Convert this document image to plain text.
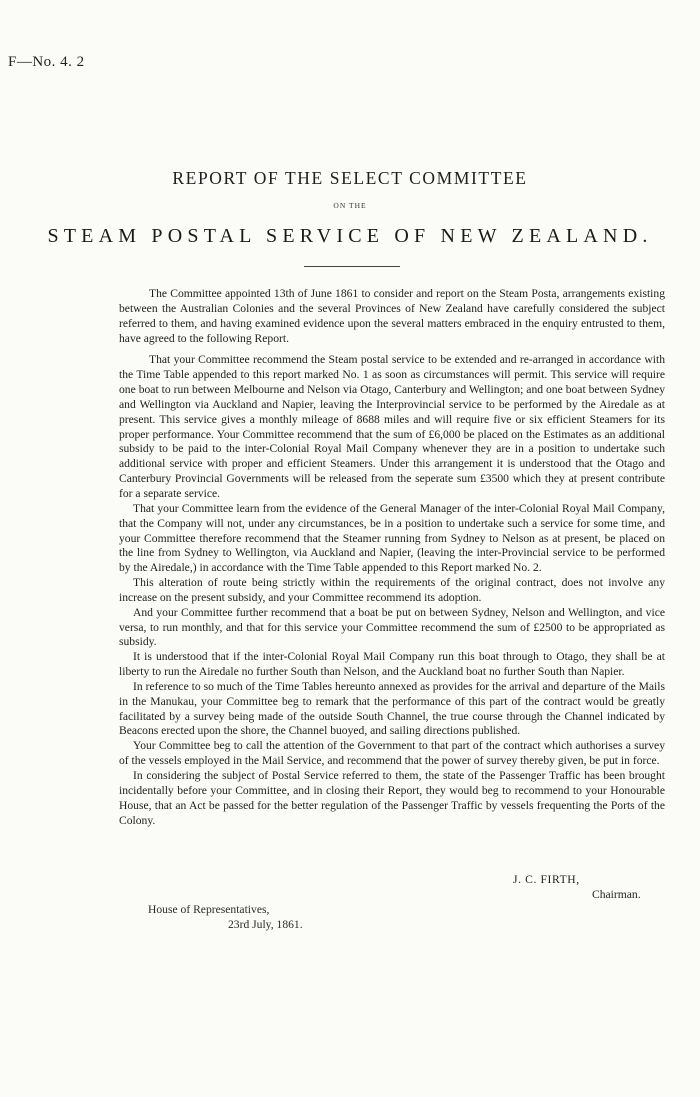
F—No. 4. 2
REPORT OF THE SELECT COMMITTEE
ON THE
STEAM POSTAL SERVICE OF NEW ZEALAND.

The Committee appointed 13th of June 1861 to consider and report on the Steam Posta, arrangements existing between the Australian Colonies and the several Provinces of New Zealand have carefully considered the subject referred to them, and having examined evidence upon the several matters embraced in the enquiry entrusted to them, have agreed to the following Report.

That your Committee recommend the Steam postal service to be extended and re-arranged in accordance with the Time Table appended to this report marked No. 1 as soon as circumstances will permit. This service will require one boat to run between Melbourne and Nelson via Otago, Canterbury and Wellington; and one boat between Sydney and Wellington via Auckland and Napier, leaving the Interprovincial service to be performed by the Airedale as at present. This service gives a monthly mileage of 8688 miles and will require five or six efficient Steamers for its proper performance. Your Committee recommend that the sum of £6,000 be placed on the Estimates as an additional subsidy to be paid to the inter-Colonial Royal Mail Company whenever they are in a position to undertake such additional service with proper and efficient Steamers. Under this arrangement it is understood that the Otago and Canterbury Provincial Governments will be released from the seperate sum £3500 which they at present contribute for a separate service.

That your Committee learn from the evidence of the General Manager of the inter-Colonial Royal Mail Company, that the Company will not, under any circumstances, be in a position to undertake such a service for some time, and your Committee therefore recommend that the Steamer running from Sydney to Nelson as at present, be placed on the line from Sydney to Wellington, via Auckland and Napier, (leaving the inter-Provincial service to be performed by the Airedale,) in accordance with the Time Table appended to this Report marked No. 2.

This alteration of route being strictly within the requirements of the original contract, does not involve any increase on the present subsidy, and your Committee recommend its adoption.

And your Committee further recommend that a boat be put on between Sydney, Nelson and Wellington, and vice versa, to run monthly, and that for this service your Committee recommend the sum of £2500 to be appropriated as subsidy.

It is understood that if the inter-Colonial Royal Mail Company run this boat through to Otago, they shall be at liberty to run the Airedale no further South than Nelson, and the Auckland boat no further South than Napier.

In reference to so much of the Time Tables hereunto annexed as provides for the arrival and departure of the Mails in the Manukau, your Committee beg to remark that the performance of this part of the contract would be greatly facilitated by a survey being made of the outside South Channel, the true course through the Channel indicated by Beacons erected upon the shore, the Channel buoyed, and sailing directions published.

Your Committee beg to call the attention of the Government to that part of the contract which authorises a survey of the vessels employed in the Mail Service, and recommend that the power of survey thereby given, be put in force.

In considering the subject of Postal Service referred to them, the state of the Passenger Traffic has been brought incidentally before your Committee, and in closing their Report, they would beg to recommend to your Honourable House, that an Act be passed for the better regulation of the Passenger Traffic by vessels frequenting the Ports of the Colony.

J. C. FIRTH,
Chairman.
House of Representatives,
23rd July, 1861.
